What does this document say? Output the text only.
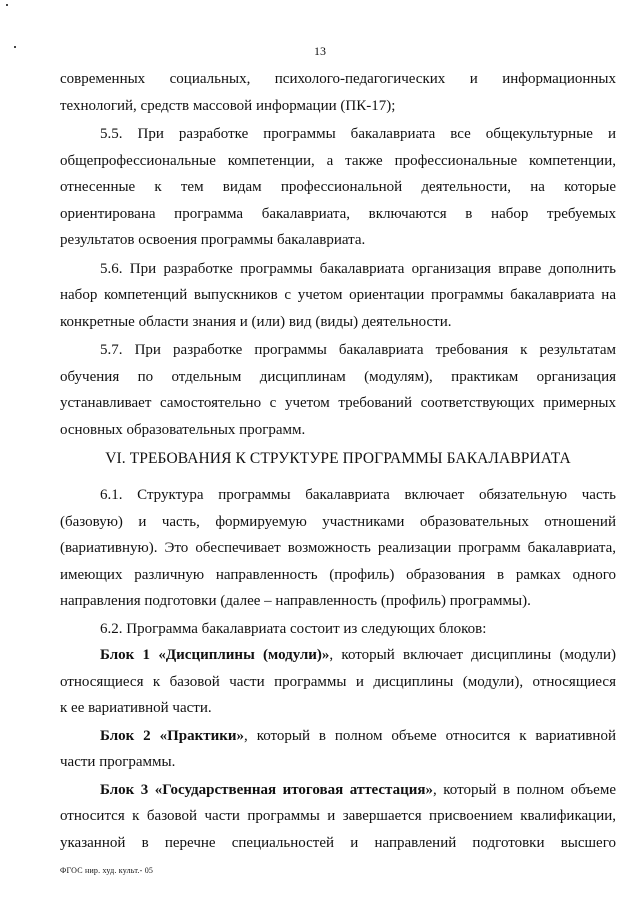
13
современных социальных, психолого-педагогических и информационных
технологий, средств массовой информации (ПК-17);
5.5. При разработке программы бакалавриата все общекультурные и
общепрофессиональные компетенции, а также профессиональные компетенции,
отнесенные к тем видам профессиональной деятельности, на которые
ориентирована программа бакалавриата, включаются в набор требуемых
результатов освоения программы бакалавриата.
5.6. При разработке программы бакалавриата организация вправе дополнить
набор компетенций выпускников с учетом ориентации программы бакалавриата на
конкретные области знания и (или) вид (виды) деятельности.
5.7. При разработке программы бакалавриата требования к результатам
обучения по отдельным дисциплинам (модулям), практикам организация
устанавливает самостоятельно с учетом требований соответствующих примерных
основных образовательных программ.
VI. ТРЕБОВАНИЯ К СТРУКТУРЕ ПРОГРАММЫ БАКАЛАВРИАТА
6.1. Структура программы бакалавриата включает обязательную часть
(базовую) и часть, формируемую участниками образовательных отношений
(вариативную). Это обеспечивает возможность реализации программ бакалавриата,
имеющих различную направленность (профиль) образования в рамках одного
направления подготовки (далее – направленность (профиль) программы).
6.2. Программа бакалавриата состоит из следующих блоков:
Блок 1 «Дисциплины (модули)», который включает дисциплины (модули)
относящиеся к базовой части программы и дисциплины (модули), относящиеся
к ее вариативной части.
Блок 2 «Практики», который в полном объеме относится к вариативной
части программы.
Блок 3 «Государственная итоговая аттестация», который в полном объеме
относится к базовой части программы и завершается присвоением квалификации,
указанной в перечне специальностей и направлений подготовки высшего
ФГОС нир. худ. культ.- 05
